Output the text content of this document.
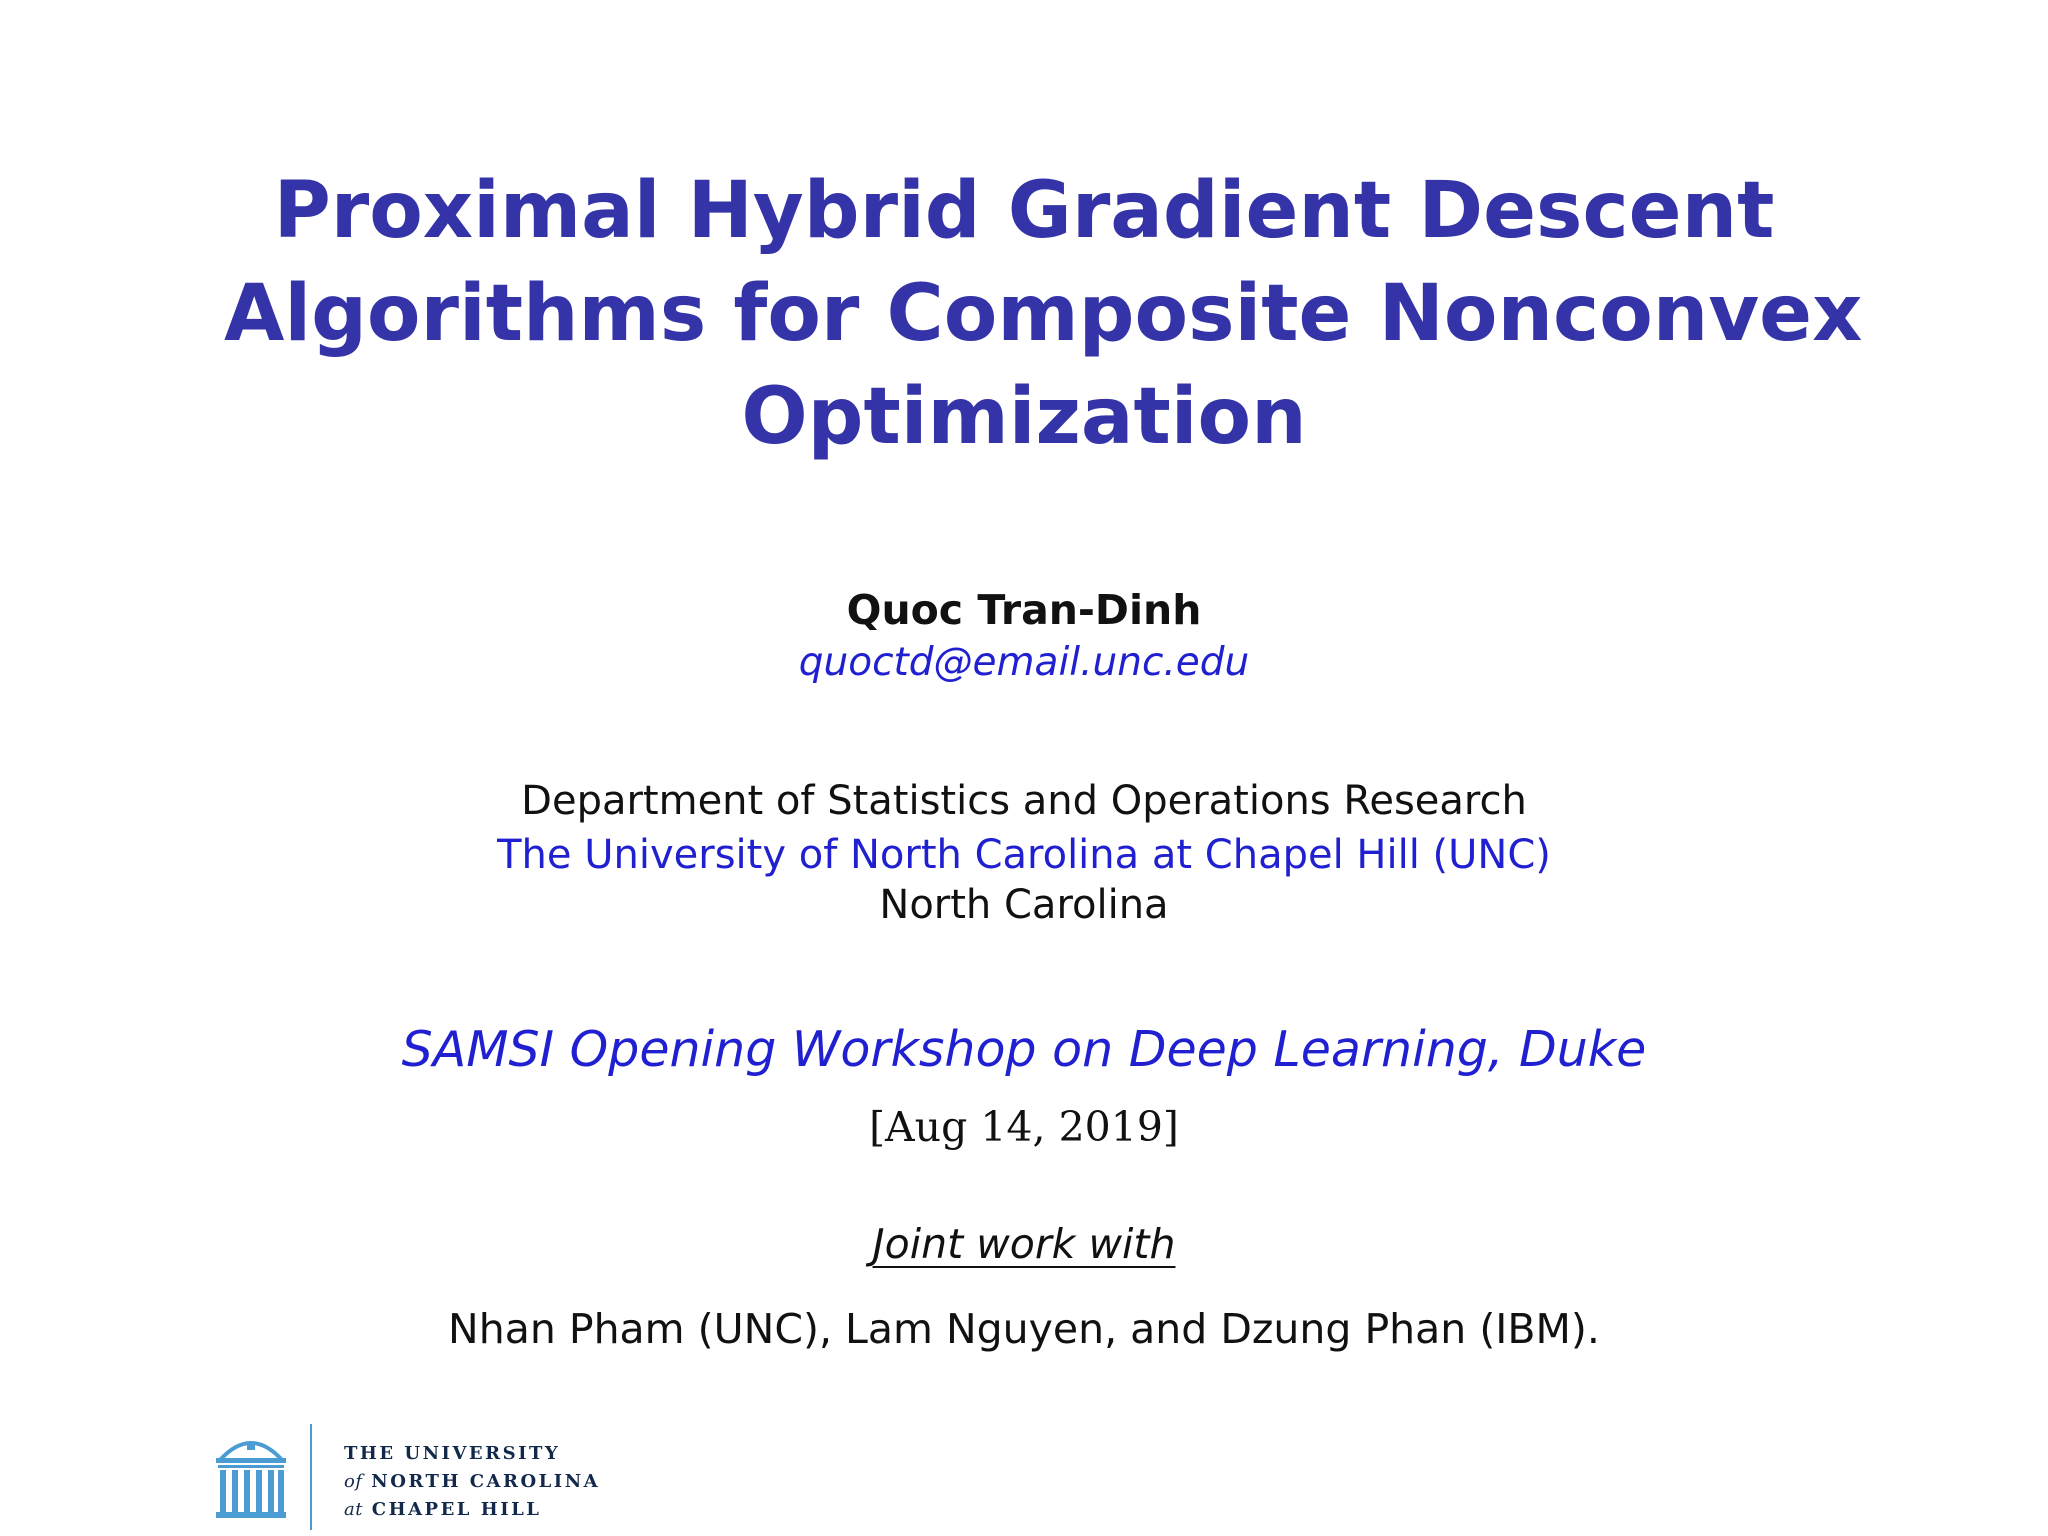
Proximal Hybrid Gradient Descent
Algorithms for Composite Nonconvex
Optimization
Quoc Tran-Dinh
quoctd@email.unc.edu
Department of Statistics and Operations Research
The University of North Carolina at Chapel Hill (UNC)
North Carolina
SAMSI Opening Workshop on Deep Learning, Duke
[Aug 14, 2019]
Joint work with
Nhan Pham (UNC), Lam Nguyen, and Dzung Phan (IBM).
THE UNIVERSITY
of NORTH CAROLINA
at CHAPEL HILL
